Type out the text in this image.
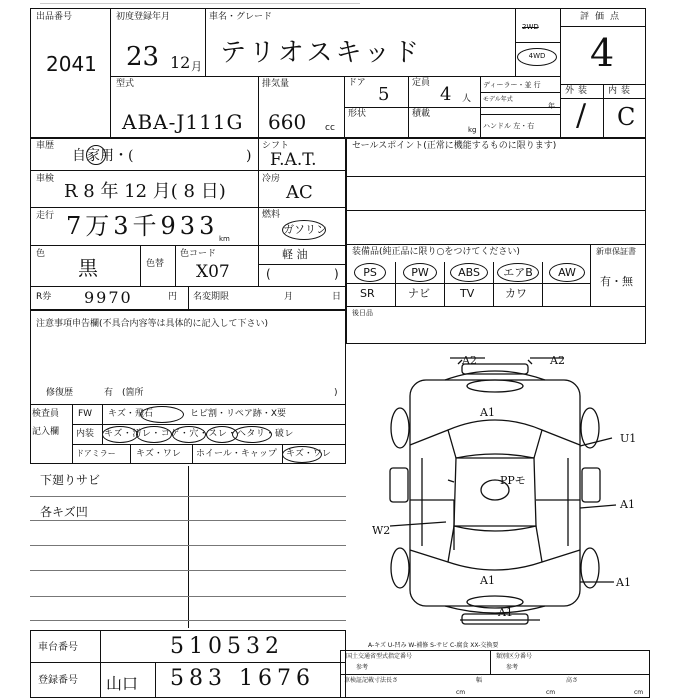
出品番号
2041
初度登録年月
23 12 月
車名・グレード
テリオスキッド
2WD
4WD
評価点
4
外装 内装
/ C
型式
ABA-J111G
排気量
660 cc
ドア
5
定員
4 人
形状	積載
kg
ディーラー・並 行
モデル年式
年
ハンドル 左・右
車歴
自家用・(	)
車検
R 8 年 12 月( 8 日)
走行 7万3千933 km
色
黒	色替
色コード
X07
シフト
F.A.T.
冷房
AC
燃料
ガソリン
軽 油
(	)
R券 9970	円 名変期限	月	日
セールスポイント(正常に機能するものに限ります)
装備品(純正品に限り○をつけてください)	新車保証書
有・無
PS	PW	ABS	エアB	AW
SR	ナビ	TV	カワ
後日品
注意事項申告欄(不具合内容等は具体的に記入して下さい)
修復歴	有 (箇所	)
検査員
記入欄
FW キズ・飛石	ヒビ割・リペア跡・X要
内装 キズ・汚レ・コゲ・穴・スレ・ヘタリ・破レ
ドアミラー キズ・ワレ ホイール・キャップ キズ・ワレ
下廻りサビ
各キズ凹
A2	A2
A1
U1
PPモ
A1
W2
A1
A1
A1
A-キズ U-凹み W-補修 S-サビ C-腐食 XX-交換要
車台番号	510532
登録番号 山口 583 1676
国土交通省型式指定番号
参考
類別区分番号
参考
車検証記載寸法 長さ
cm
幅
cm
高さ
cm
